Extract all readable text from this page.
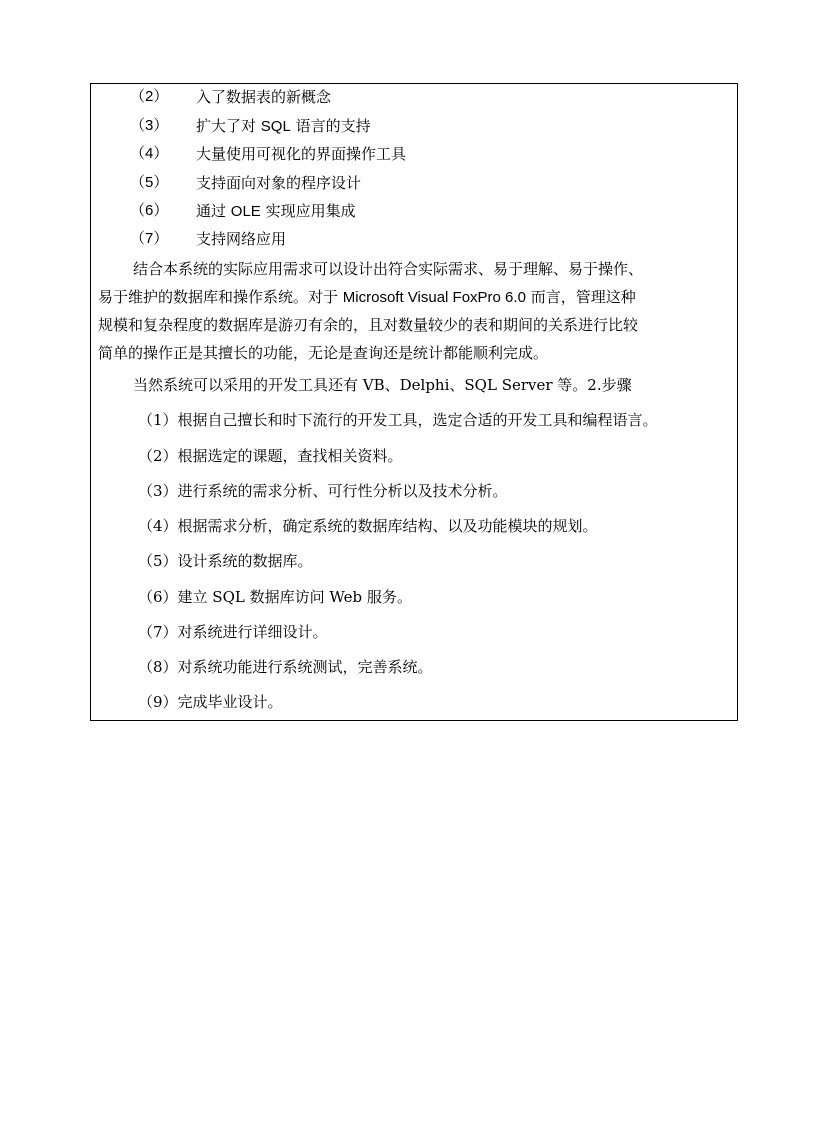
（2） 入了数据表的新概念
（3） 扩大了对 SQL 语言的支持
（4） 大量使用可视化的界面操作工具
（5） 支持面向对象的程序设计
（6） 通过 OLE 实现应用集成
（7） 支持网络应用
结合本系统的实际应用需求可以设计出符合实际需求、易于理解、易于操作、
易于维护的数据库和操作系统。对于 Microsoft Visual FoxPro 6.0 而言，管理这种
规模和复杂程度的数据库是游刃有余的，且对数量较少的表和期间的关系进行比较
简单的操作正是其擅长的功能，无论是查询还是统计都能顺利完成。
当然系统可以采用的开发工具还有 VB、Delphi、SQL Server 等。2.步骤
（1）根据自己擅长和时下流行的开发工具，选定合适的开发工具和编程语言。
（2）根据选定的课题，查找相关资料。
（3）进行系统的需求分析、可行性分析以及技术分析。
（4）根据需求分析，确定系统的数据库结构、以及功能模块的规划。
（5）设计系统的数据库。
（6）建立 SQL 数据库访问 Web 服务。
（7）对系统进行详细设计。
（8）对系统功能进行系统测试，完善系统。
（9）完成毕业设计。
